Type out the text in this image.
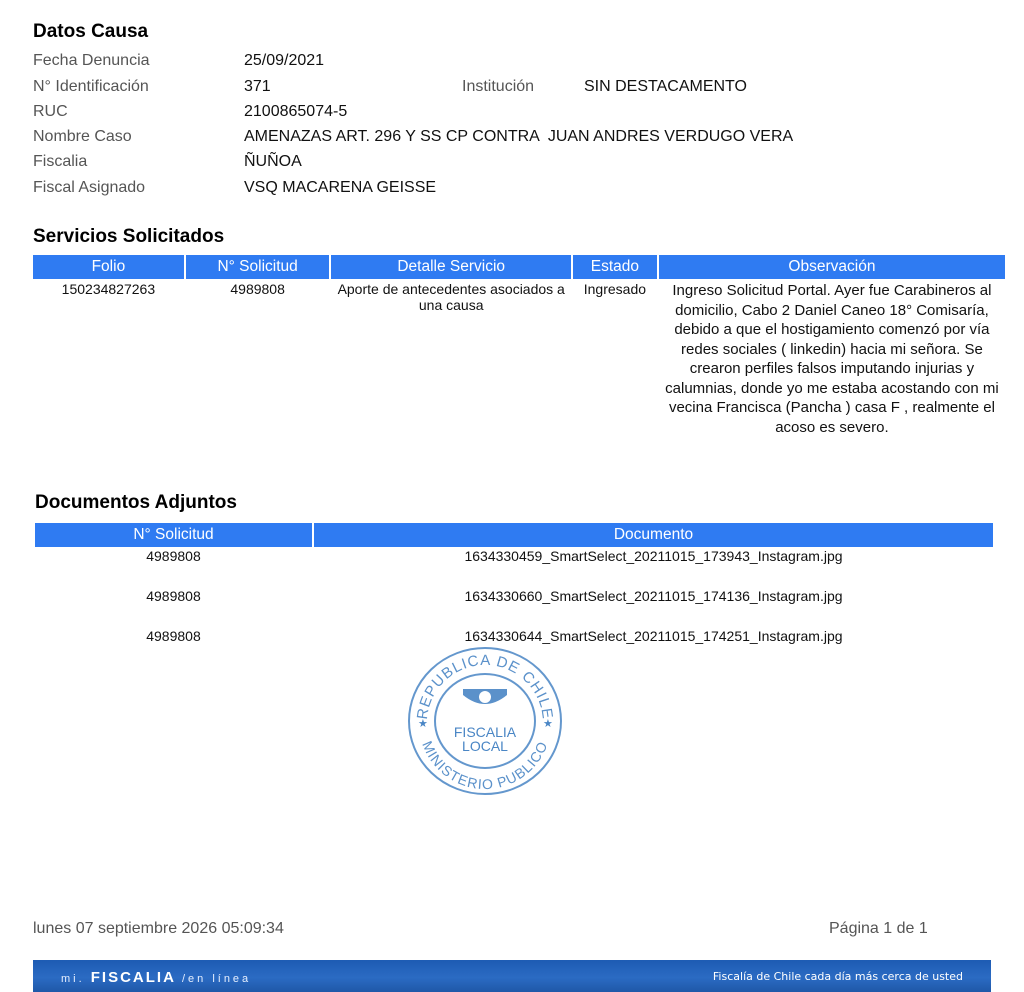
Datos Causa
Fecha Denuncia	25/09/2021
N° Identificación	371	Institución	SIN DESTACAMENTO
RUC	2100865074-5
Nombre Caso	AMENAZAS ART. 296 Y SS CP CONTRA  JUAN ANDRES VERDUGO VERA
Fiscalia	ÑUÑOA
Fiscal Asignado	VSQ MACARENA GEISSE
Servicios Solicitados
Folio	N° Solicitud	Detalle Servicio	Estado	Observación
150234827263	4989808	Aporte de antecedentes asociados a una causa	Ingresado	Ingreso Solicitud Portal. Ayer fue Carabineros al domicilio, Cabo 2 Daniel Caneo 18° Comisaría, debido a que el hostigamiento comenzó por vía redes sociales ( linkedin) hacia mi señora. Se crearon perfiles falsos imputando injurias y calumnias, donde yo me estaba acostando con mi vecina Francisca (Pancha ) casa F , realmente el acoso es severo.
Documentos Adjuntos
N° Solicitud	Documento
4989808	1634330459_SmartSelect_20211015_173943_Instagram.jpg
4989808	1634330660_SmartSelect_20211015_174136_Instagram.jpg
4989808	1634330644_SmartSelect_20211015_174251_Instagram.jpg
REPUBLICA DE CHILE
MINISTERIO PUBLICO
★	★
FISCALIA
LOCAL
lunes 07 septiembre 2026 05:09:34	Página 1 de 1
mi. FISCALIA /en línea	Fiscalía de Chile cada día más cerca de usted
